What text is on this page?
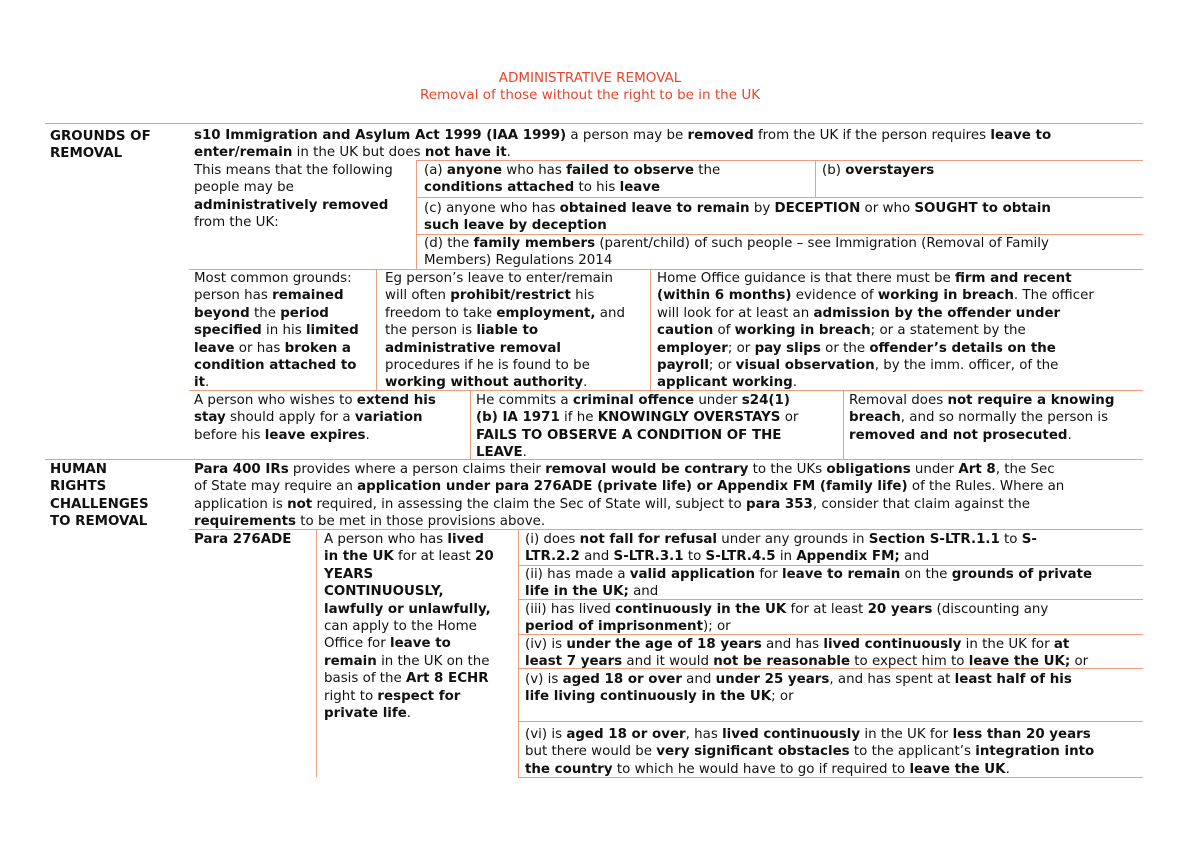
ADMINISTRATIVE REMOVAL
Removal of those without the right to be in the UK
GROUNDS OF
REMOVAL
HUMAN
RIGHTS
CHALLENGES
TO REMOVAL
s10 Immigration and Asylum Act 1999 (IAA 1999) a person may be removed from the UK if the person requires leave to
enter/remain in the UK but does not have it.
This means that the following
people may be
administratively removed
from the UK:
(a) anyone who has failed to observe the
conditions attached to his leave
(b) overstayers
(c) anyone who has obtained leave to remain by DECEPTION or who SOUGHT to obtain
such leave by deception
(d) the family members (parent/child) of such people – see Immigration (Removal of Family
Members) Regulations 2014
Most common grounds:
person has remained
beyond the period
specified in his limited
leave or has broken a
condition attached to
it.
Eg person’s leave to enter/remain
will often prohibit/restrict his
freedom to take employment, and
the person is liable to
administrative removal
procedures if he is found to be
working without authority.
Home Office guidance is that there must be firm and recent
(within 6 months) evidence of working in breach. The officer
will look for at least an admission by the offender under
caution of working in breach; or a statement by the
employer; or pay slips or the offender’s details on the
payroll; or visual observation, by the imm. officer, of the
applicant working.
A person who wishes to extend his
stay should apply for a variation
before his leave expires.
He commits a criminal offence under s24(1)
(b) IA 1971 if he KNOWINGLY OVERSTAYS or
FAILS TO OBSERVE A CONDITION OF THE
LEAVE.
Removal does not require a knowing
breach, and so normally the person is
removed and not prosecuted.
Para 400 IRs provides where a person claims their removal would be contrary to the UKs obligations under Art 8, the Sec
of State may require an application under para 276ADE (private life) or Appendix FM (family life) of the Rules. Where an
application is not required, in assessing the claim the Sec of State will, subject to para 353, consider that claim against the
requirements to be met in those provisions above.
Para 276ADE A person who has lived
in the UK for at least 20
YEARS
CONTINUOUSLY,
lawfully or unlawfully,
can apply to the Home
Office for leave to
remain in the UK on the
basis of the Art 8 ECHR
right to respect for
private life.
(i) does not fall for refusal under any grounds in Section S-LTR.1.1 to S-
LTR.2.2 and S-LTR.3.1 to S-LTR.4.5 in Appendix FM; and
(ii) has made a valid application for leave to remain on the grounds of private
life in the UK; and
(iii) has lived continuously in the UK for at least 20 years (discounting any
period of imprisonment); or
(iv) is under the age of 18 years and has lived continuously in the UK for at
least 7 years and it would not be reasonable to expect him to leave the UK; or
(v) is aged 18 or over and under 25 years, and has spent at least half of his
life living continuously in the UK; or
(vi) is aged 18 or over, has lived continuously in the UK for less than 20 years
but there would be very significant obstacles to the applicant’s integration into
the country to which he would have to go if required to leave the UK.
